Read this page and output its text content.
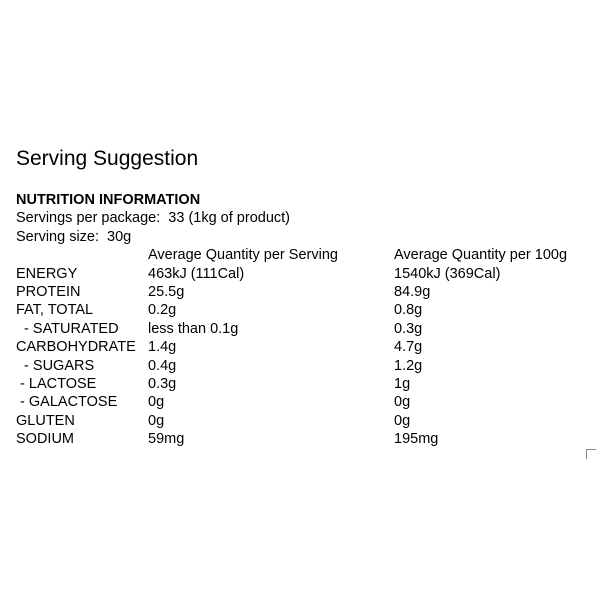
Serving Suggestion
NUTRITION INFORMATION
Servings per package: 33 (1kg of product)
Serving size: 30g
	Average Quantity per Serving	Average Quantity per 100g
ENERGY	463kJ (111Cal)	1540kJ (369Cal)
PROTEIN	25.5g	84.9g
FAT, TOTAL	0.2g	0.8g
- SATURATED	less than 0.1g	0.3g
CARBOHYDRATE	1.4g	4.7g
- SUGARS	0.4g	1.2g
- LACTOSE	0.3g	1g
- GALACTOSE	0g	0g
GLUTEN	0g	0g
SODIUM	59mg	195mg
